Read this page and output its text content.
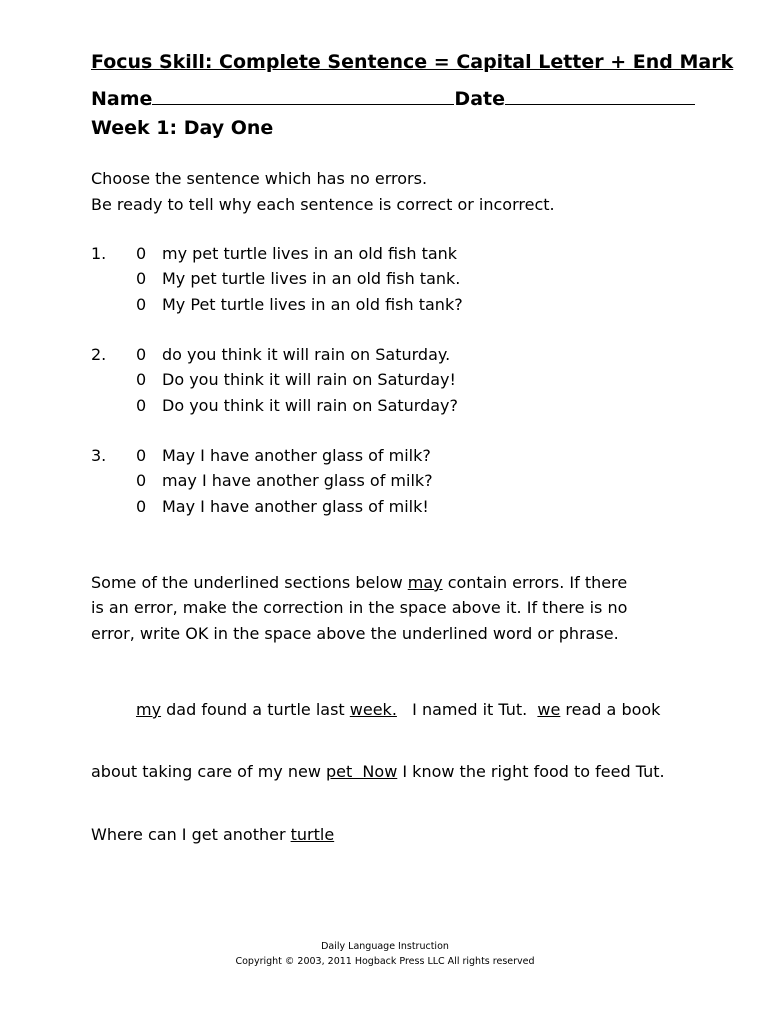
Focus Skill: Complete Sentence = Capital Letter + End Mark
Name	Date
Week 1: Day One
Choose the sentence which has no errors.
Be ready to tell why each sentence is correct or incorrect.
1. 0 my pet turtle lives in an old fish tank
0 My pet turtle lives in an old fish tank.
0 My Pet turtle lives in an old fish tank?
2. 0 do you think it will rain on Saturday.
0 Do you think it will rain on Saturday!
0 Do you think it will rain on Saturday?
3. 0 May I have another glass of milk?
0 may I have another glass of milk?
0 May I have another glass of milk!
Some of the underlined sections below may contain errors. If there
is an error, make the correction in the space above it. If there is no
error, write OK in the space above the underlined word or phrase.
my dad found a turtle last week.   I named it Tut.  we read a book
about taking care of my new pet  Now I know the right food to feed Tut.
Where can I get another turtle
Daily Language Instruction
Copyright © 2003, 2011 Hogback Press LLC All rights reserved
